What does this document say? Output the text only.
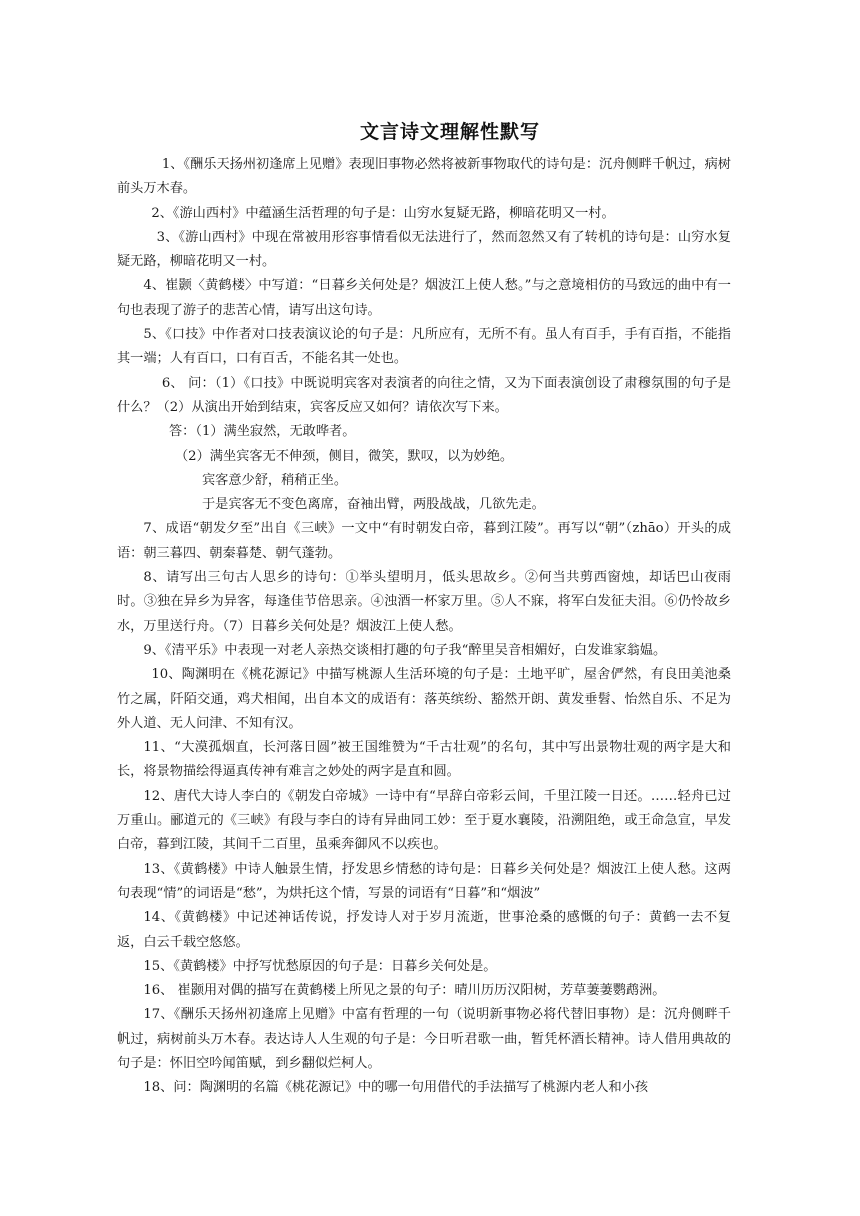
文言诗文理解性默写

1、《酬乐天扬州初逢席上见赠》表现旧事物必然将被新事物取代的诗句是：沉舟侧畔千帆过，病树前头万木春。

2、《游山西村》中蕴涵生活哲理的句子是：山穷水复疑无路，柳暗花明又一村。

3、《游山西村》中现在常被用形容事情看似无法进行了，然而忽然又有了转机的诗句是：山穷水复疑无路，柳暗花明又一村。

4、崔颢〈黄鹤楼〉中写道：“日暮乡关何处是？烟波江上使人愁。”与之意境相仿的马致远的曲中有一句也表现了游子的悲苦心情，请写出这句诗。

5、《口技》中作者对口技表演议论的句子是：凡所应有，无所不有。虽人有百手，手有百指，不能指其一端；人有百口，口有百舌，不能名其一处也。

6、 问：（1）《口技》中既说明宾客对表演者的向往之情，又为下面表演创设了肃穆氛围的句子是什么？（2）从演出开始到结束，宾客反应又如何？请依次写下来。

答：（1）满坐寂然，无敢哗者。

（2）满坐宾客无不伸颈，侧目，微笑，默叹，以为妙绝。

宾客意少舒，稍稍正坐。

于是宾客无不变色离席，奋袖出臂，两股战战，几欲先走。

7、成语“朝发夕至”出自《三峡》一文中“有时朝发白帝，暮到江陵”。再写以“朝”（zhāo）开头的成语：朝三暮四、朝秦暮楚、朝气蓬勃。

8、请写出三句古人思乡的诗句：①举头望明月，低头思故乡。②何当共剪西窗烛，却话巴山夜雨时。③独在异乡为异客，每逢佳节倍思亲。④浊酒一杯家万里。⑤人不寐，将军白发征夫泪。⑥仍怜故乡水，万里送行舟。（7）日暮乡关何处是？烟波江上使人愁。

9、《清平乐》中表现一对老人亲热交谈相打趣的句子我“醉里吴音相媚好，白发谁家翁媪。

10、陶渊明在《桃花源记》中描写桃源人生活环境的句子是：土地平旷，屋舍俨然，有良田美池桑竹之属，阡陌交通，鸡犬相闻，出自本文的成语有：落英缤纷、豁然开朗、黄发垂髫、怡然自乐、不足为外人道、无人问津、不知有汉。

11、“大漠孤烟直，长河落日圆”被王国维赞为“千古壮观”的名句，其中写出景物壮观的两字是大和长，将景物描绘得逼真传神有难言之妙处的两字是直和圆。

12、唐代大诗人李白的《朝发白帝城》一诗中有“早辞白帝彩云间，千里江陵一日还。……轻舟已过万重山。郦道元的《三峡》有段与李白的诗有异曲同工妙：至于夏水襄陵，沿溯阻绝，或王命急宣，早发白帝，暮到江陵，其间千二百里，虽乘奔御风不以疾也。

13、《黄鹤楼》中诗人触景生情，抒发思乡情愁的诗句是：日暮乡关何处是？烟波江上使人愁。这两句表现“情”的词语是“愁”，为烘托这个情，写景的词语有“日暮”和“烟波”

14、《黄鹤楼》中记述神话传说，抒发诗人对于岁月流逝，世事沧桑的感慨的句子：黄鹤一去不复返，白云千载空悠悠。

15、《黄鹤楼》中抒写忧愁原因的句子是：日暮乡关何处是。

16、 崔颢用对偶的描写在黄鹤楼上所见之景的句子：晴川历历汉阳树，芳草萋萋鹦鹉洲。

17、《酬乐天扬州初逢席上见赠》中富有哲理的一句（说明新事物必将代替旧事物）是：沉舟侧畔千帆过，病树前头万木春。表达诗人人生观的句子是：今日听君歌一曲，暂凭杯酒长精神。诗人借用典故的句子是：怀旧空吟闻笛赋，到乡翻似烂柯人。

18、问：陶渊明的名篇《桃花源记》中的哪一句用借代的手法描写了桃源内老人和小孩
